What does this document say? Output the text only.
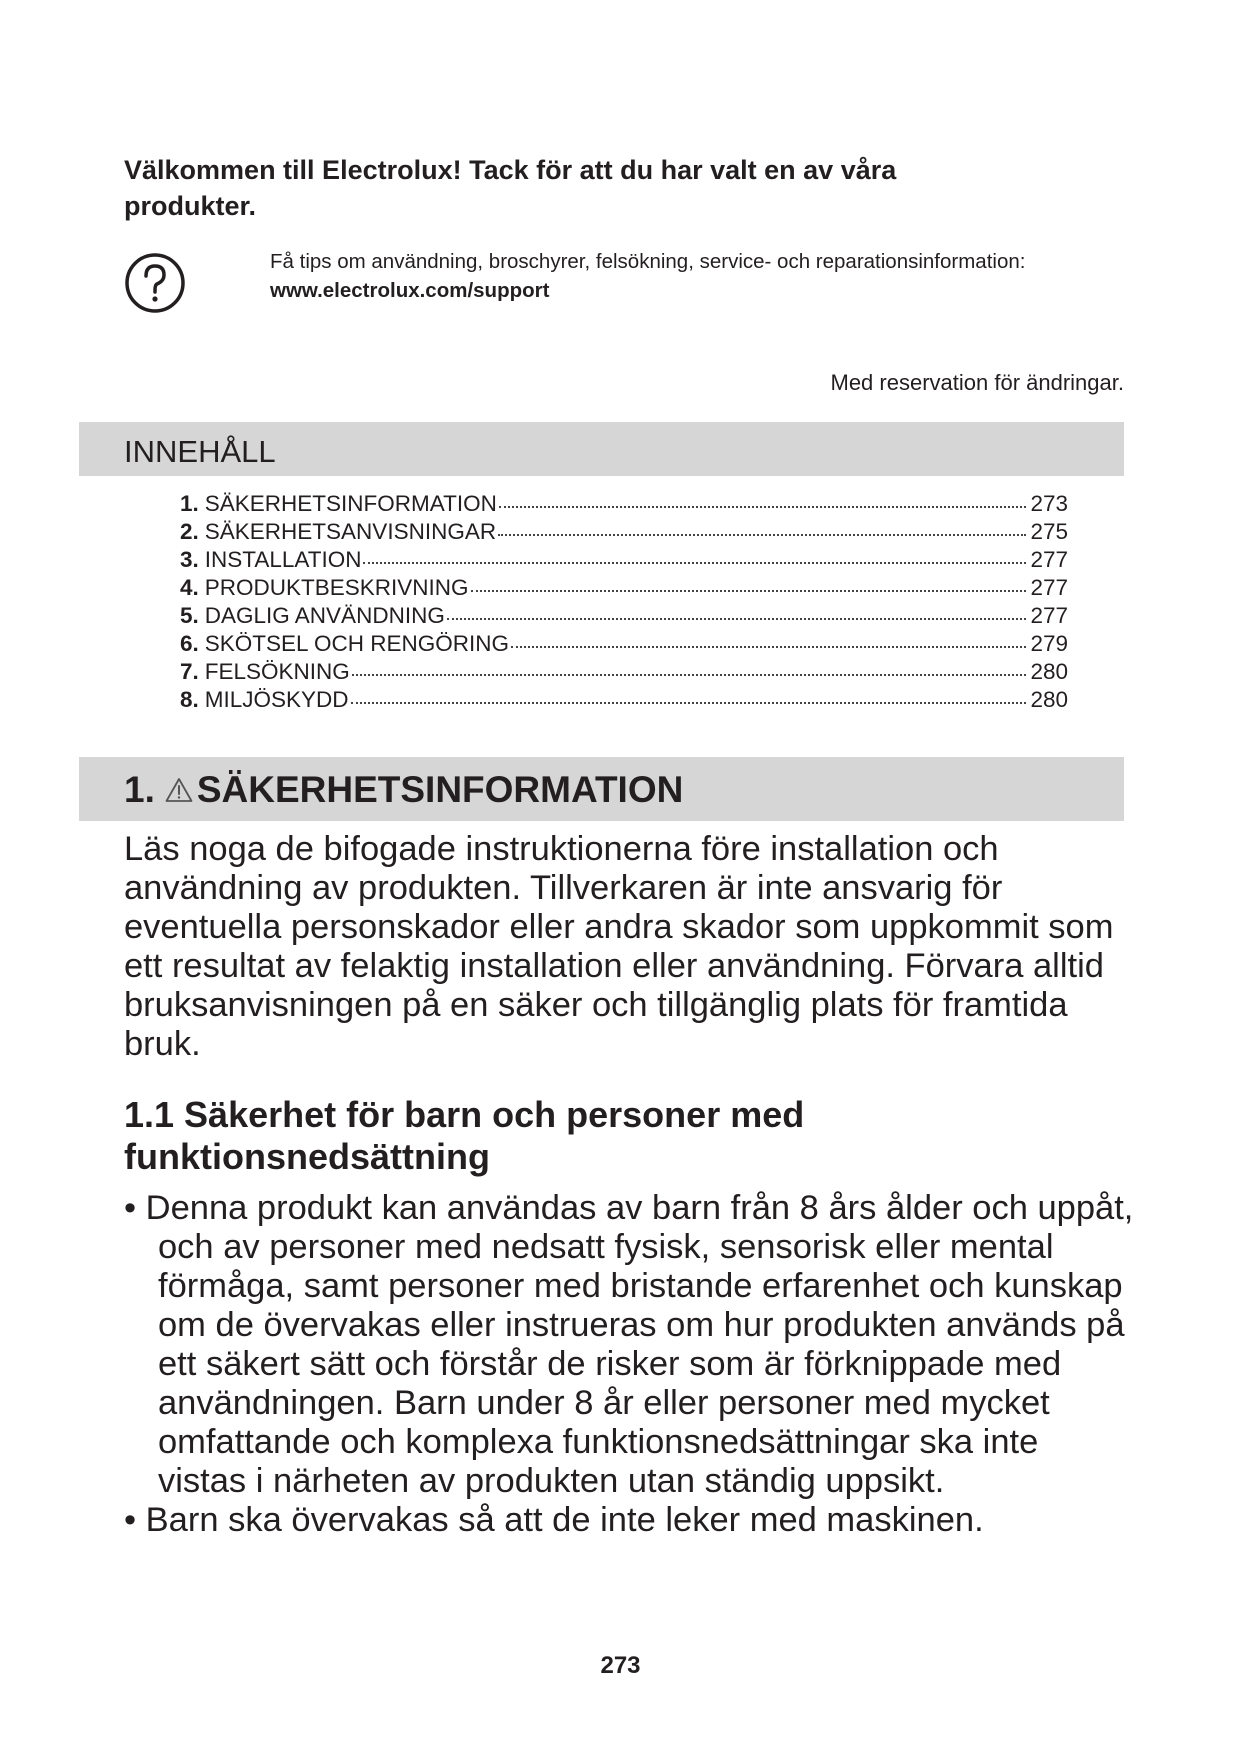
Välkommen till Electrolux! Tack för att du har valt en av våra produkter.
Få tips om användning, broschyrer, felsökning, service- och reparationsinformation:
www.electrolux.com/support
Med reservation för ändringar.
INNEHÅLL
1. SÄKERHETSINFORMATION	273
2. SÄKERHETSANVISNINGAR	275
3. INSTALLATION	277
4. PRODUKTBESKRIVNING	277
5. DAGLIG ANVÄNDNING	277
6. SKÖTSEL OCH RENGÖRING	279
7. FELSÖKNING	280
8. MILJÖSKYDD	280
1. SÄKERHETSINFORMATION

Läs noga de bifogade instruktionerna före installation och användning av produkten. Tillverkaren är inte ansvarig för eventuella personskador eller andra skador som uppkommit som ett resultat av felaktig installation eller användning. Förvara alltid bruksanvisningen på en säker och tillgänglig plats för framtida bruk.

1.1 Säkerhet för barn och personer med funktionsnedsättning
• Denna produkt kan användas av barn från 8 års ålder och uppåt, och av personer med nedsatt fysisk, sensorisk eller mental förmåga, samt personer med bristande erfarenhet och kunskap om de övervakas eller instrueras om hur produkten används på ett säkert sätt och förstår de risker som är förknippade med användningen. Barn under 8 år eller personer med mycket omfattande och komplexa funktionsnedsättningar ska inte vistas i närheten av produkten utan ständig uppsikt.
• Barn ska övervakas så att de inte leker med maskinen.
273
